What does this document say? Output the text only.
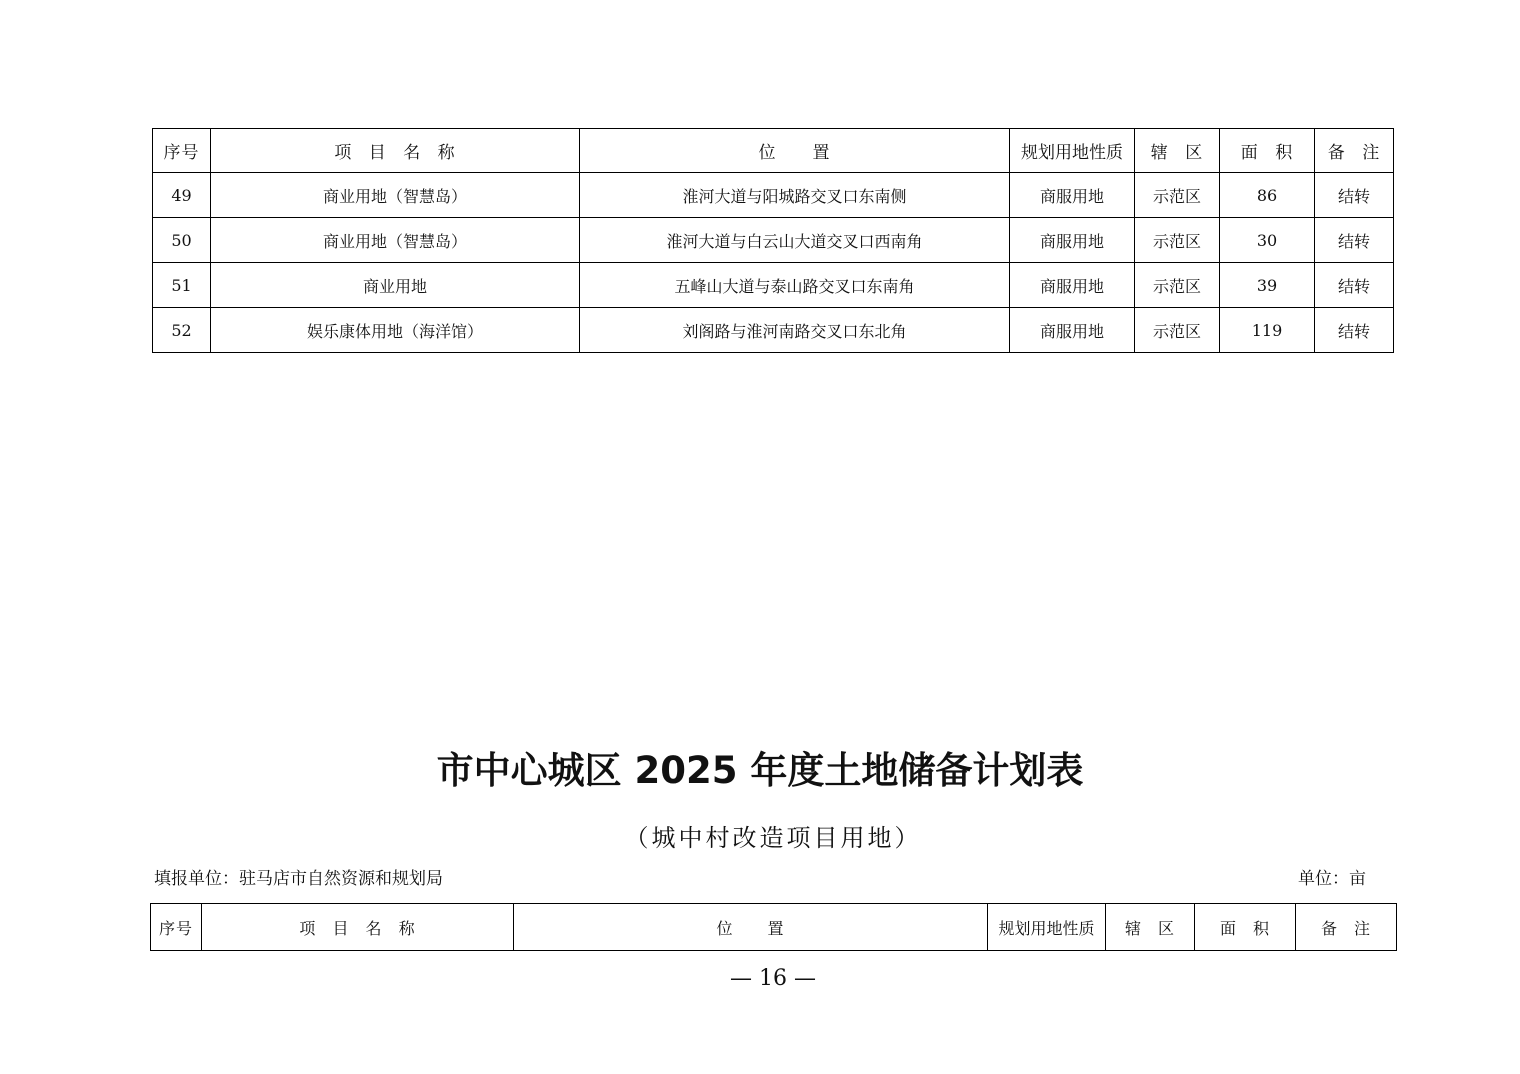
序号	项 目 名 称	位　　置	规划用地性质	辖 区	面 积	备 注
49	商业用地（智慧岛）	淮河大道与阳城路交叉口东南侧	商服用地	示范区	86	结转
50	商业用地（智慧岛）	淮河大道与白云山大道交叉口西南角	商服用地	示范区	30	结转
51	商业用地	五峰山大道与泰山路交叉口东南角	商服用地	示范区	39	结转
52	娱乐康体用地（海洋馆）	刘阁路与淮河南路交叉口东北角	商服用地	示范区	119	结转
市中心城区 2025 年度土地储备计划表

（城中村改造项目用地）

填报单位：驻马店市自然资源和规划局	单位：亩
序号	项 目 名 称	位　　置	规划用地性质	辖 区	面 积	备 注
— 16 —
